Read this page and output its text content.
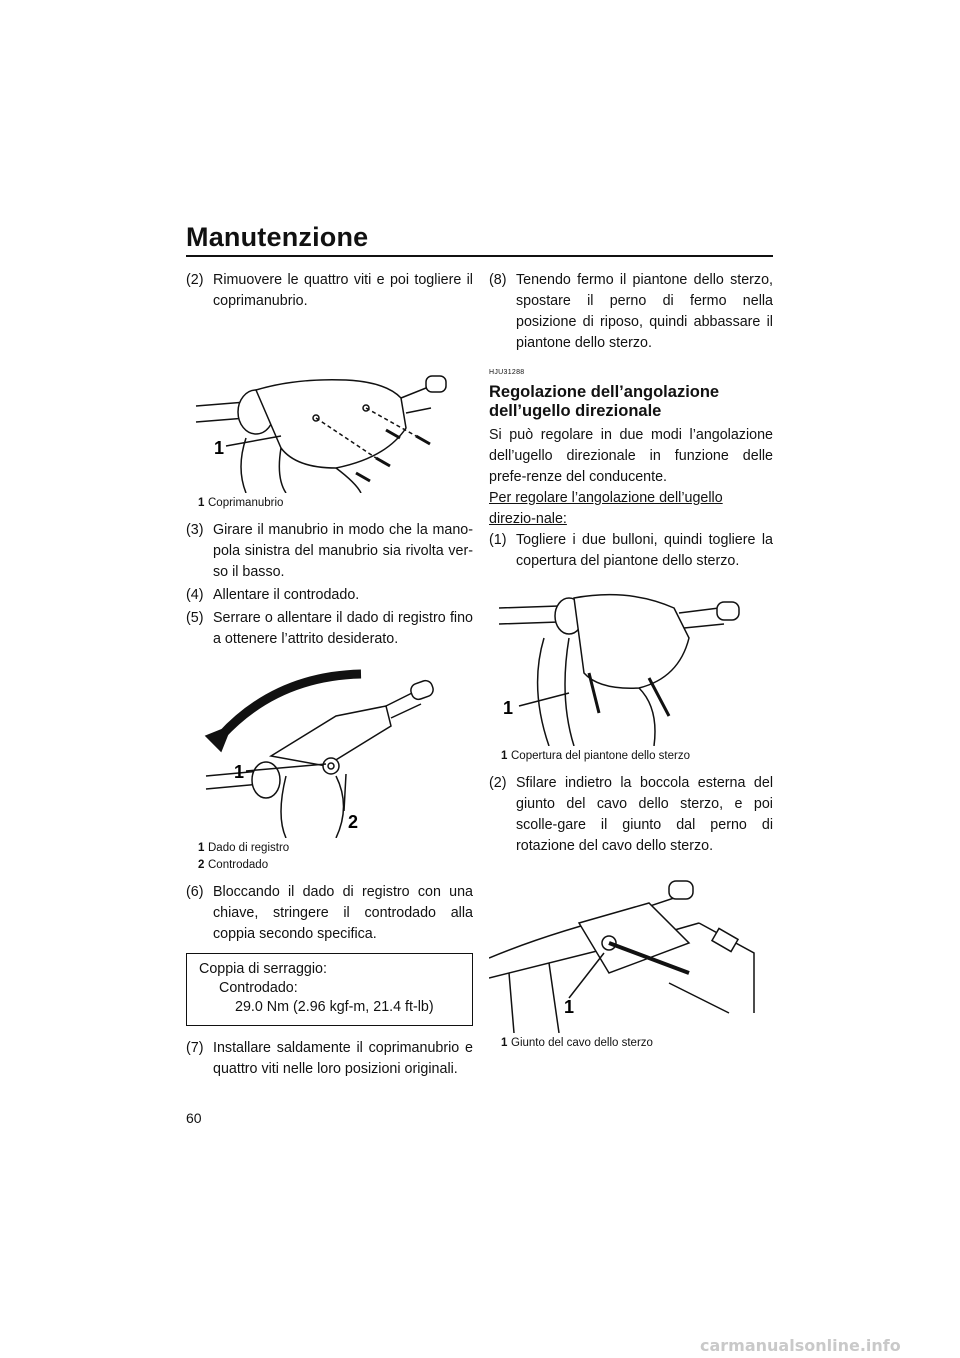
Manutenzione

(2) Rimuovere le quattro viti e poi togliere il coprimanubrio.

1
1 Coprimanubrio

(3) Girare il manubrio in modo che la mano-pola sinistra del manubrio sia rivolta ver-so il basso.

(4) Allentare il controdado.

(5) Serrare o allentare il dado di registro fino a ottenere l’attrito desiderato.

1
2
1 Dado di registro
2 Controdado

(6) Bloccando il dado di registro con una chiave, stringere il controdado alla coppia secondo specifica.

Coppia di serraggio:
Controdado:
29.0 Nm (2.96 kgf-m, 21.4 ft-lb)

(7) Installare saldamente il coprimanubrio e quattro viti nelle loro posizioni originali.

(8) Tenendo fermo il piantone dello sterzo, spostare il perno di fermo nella posizione di riposo, quindi abbassare il piantone dello sterzo.

HJU31288
Regolazione dell’angolazione
dell’ugello direzionale

Si può regolare in due modi l’angolazione dell’ugello direzionale in funzione delle prefe-renze del conducente.

Per regolare l’angolazione dell’ugello direzio-nale:

(1) Togliere i due bulloni, quindi togliere la copertura del piantone dello sterzo.

1
1 Copertura del piantone dello sterzo

(2) Sfilare indietro la boccola esterna del giunto del cavo dello sterzo, e poi scolle-gare il giunto dal perno di rotazione del cavo dello sterzo.

1
1 Giunto del cavo dello sterzo
60
carmanualsonline.info
